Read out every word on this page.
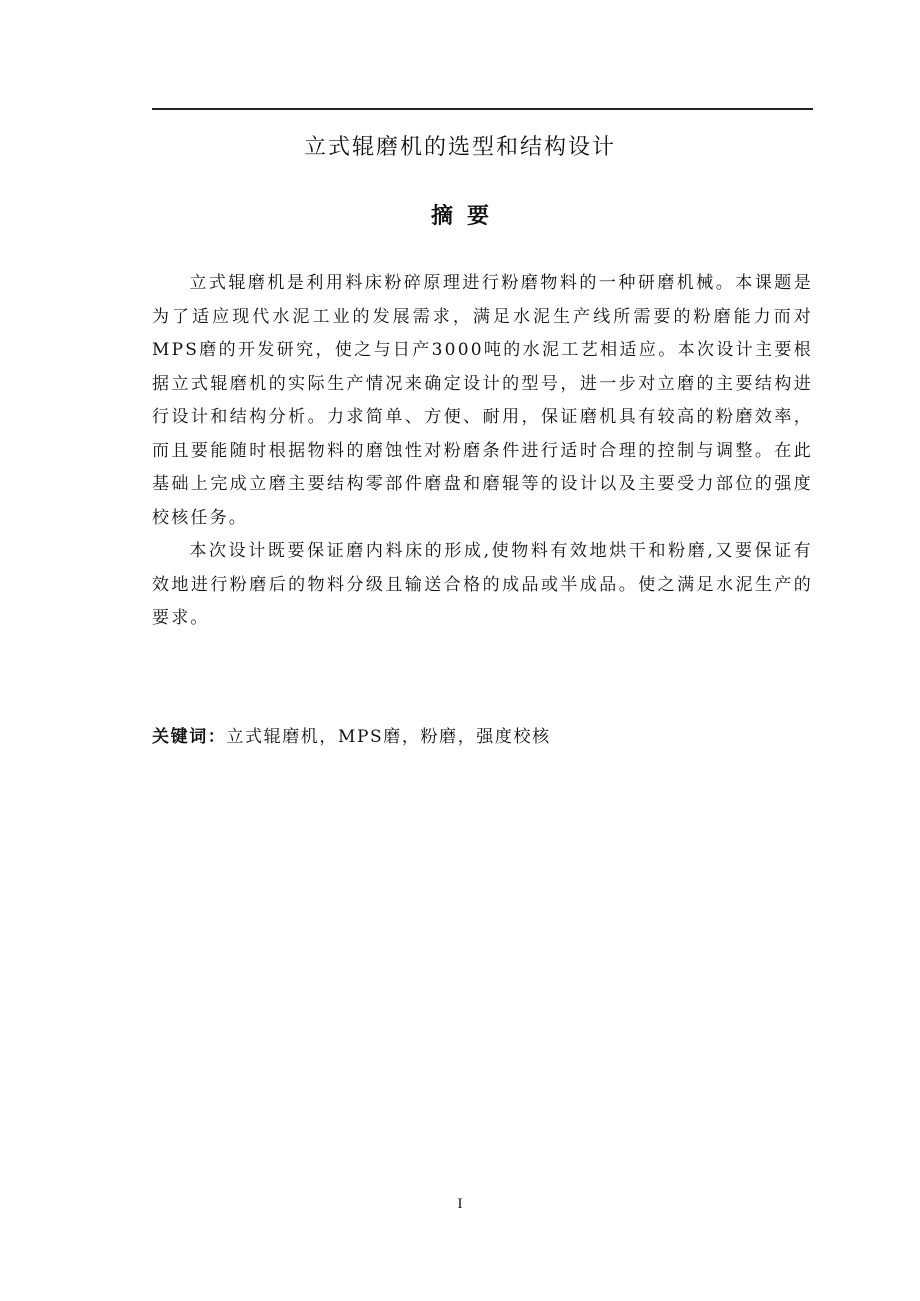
立式辊磨机的选型和结构设计
摘要

立式辊磨机是利用料床粉碎原理进行粉磨物料的一种研磨机械。本课题是为了适应现代水泥工业的发展需求，满足水泥生产线所需要的粉磨能力而对MPS磨的开发研究，使之与日产3000吨的水泥工艺相适应。本次设计主要根据立式辊磨机的实际生产情况来确定设计的型号，进一步对立磨的主要结构进行设计和结构分析。力求简单、方便、耐用，保证磨机具有较高的粉磨效率，而且要能随时根据物料的磨蚀性对粉磨条件进行适时合理的控制与调整。在此基础上完成立磨主要结构零部件磨盘和磨辊等的设计以及主要受力部位的强度校核任务。

本次设计既要保证磨内料床的形成,使物料有效地烘干和粉磨,又要保证有效地进行粉磨后的物料分级且输送合格的成品或半成品。使之满足水泥生产的要求。

关键词：立式辊磨机，MPS磨，粉磨，强度校核
I
